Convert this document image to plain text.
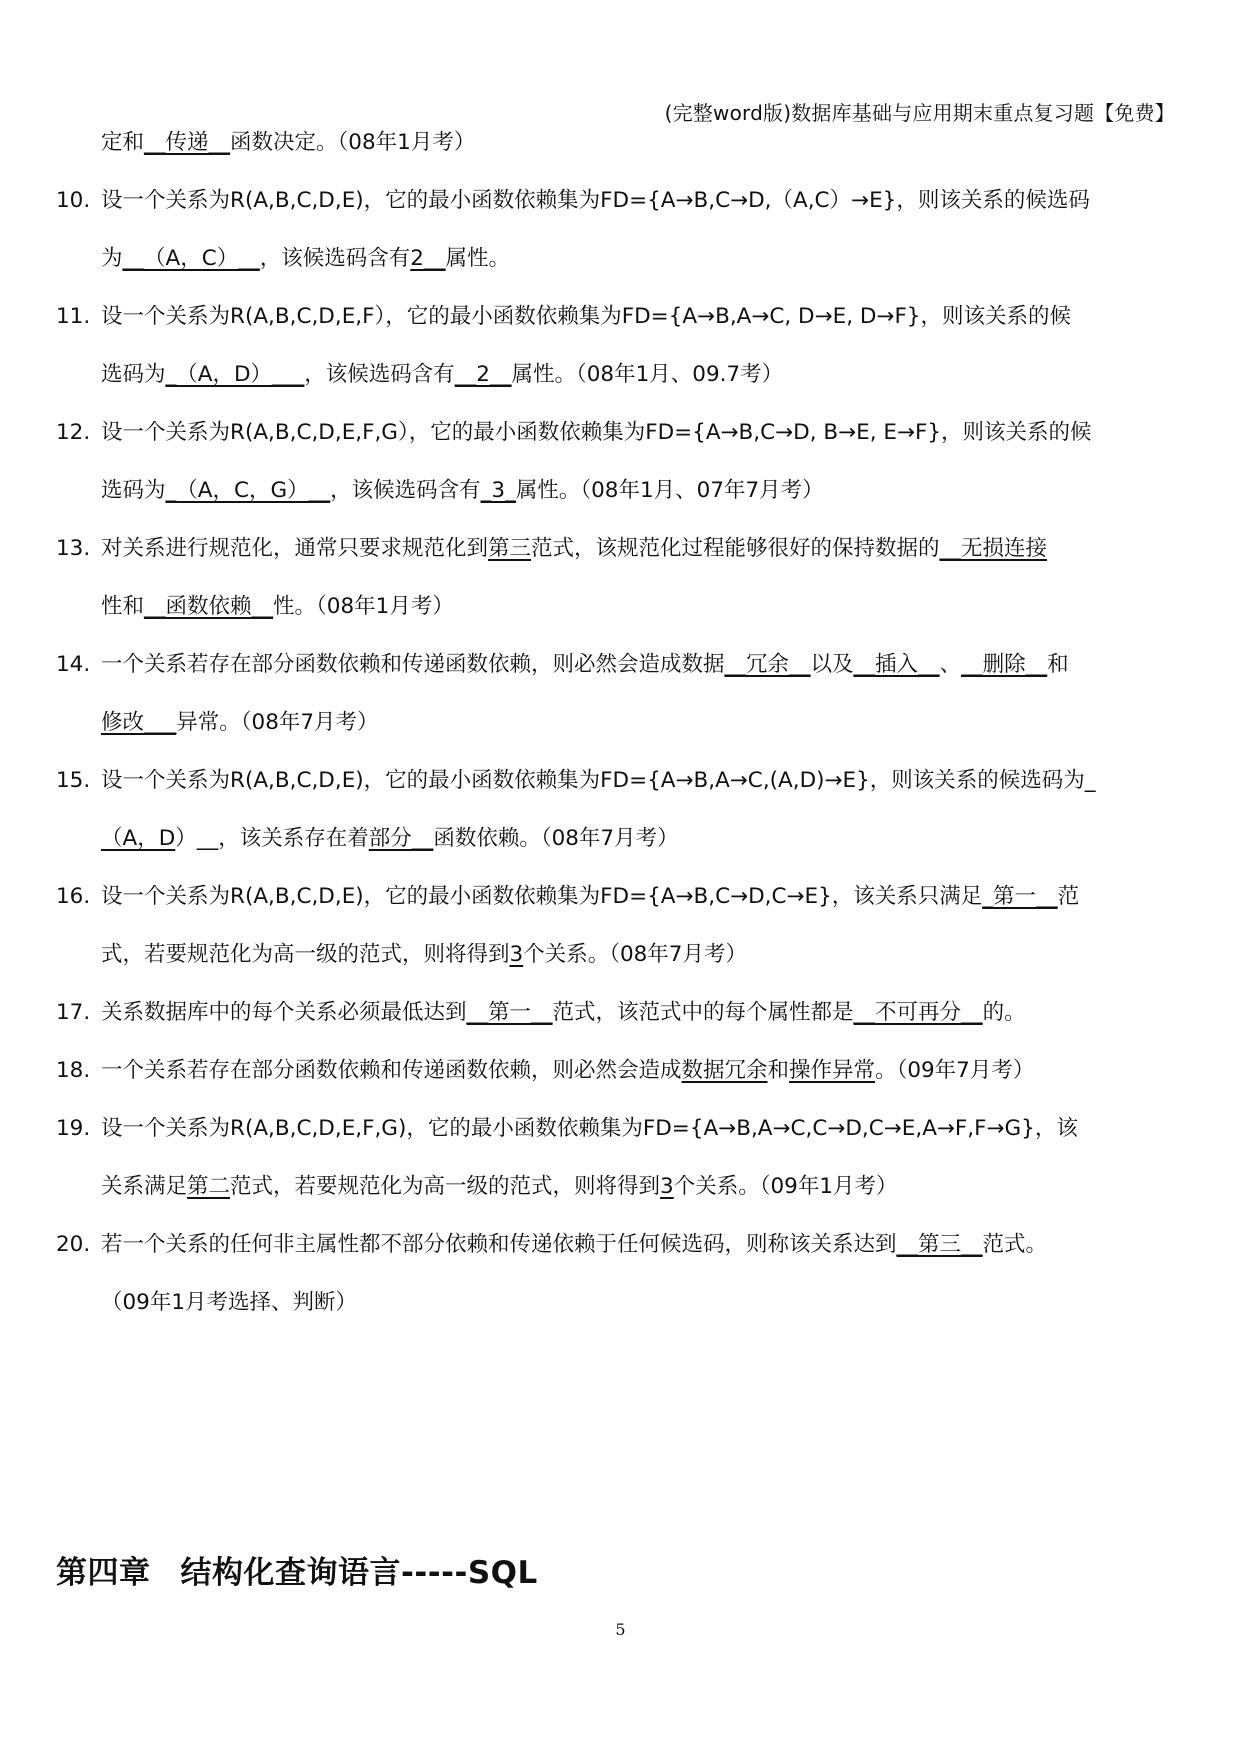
(完整word版)数据库基础与应用期末重点复习题【免费】
定和__传递__函数决定。（08年1月考）
10. 设一个关系为R(A,B,C,D,E)，它的最小函数依赖集为FD={A→B,C→D,（A,C）→E}，则该关系的候选码
为__（A，C）__，该候选码含有2__属性。
11. 设一个关系为R(A,B,C,D,E,F），它的最小函数依赖集为FD={A→B,A→C, D→E, D→F}，则该关系的候
选码为_（A，D）___，该候选码含有__2__属性。（08年1月、09.7考）
12. 设一个关系为R(A,B,C,D,E,F,G），它的最小函数依赖集为FD={A→B,C→D, B→E, E→F}，则该关系的候
选码为_（A，C，G）__，该候选码含有_3_属性。（08年1月、07年7月考）
13. 对关系进行规范化，通常只要求规范化到第三范式，该规范化过程能够很好的保持数据的__无损连接
性和__函数依赖__性。（08年1月考）
14. 一个关系若存在部分函数依赖和传递函数依赖，则必然会造成数据__冗余__以及__插入__、__删除__和
修改___异常。（08年7月考）
15. 设一个关系为R(A,B,C,D,E)，它的最小函数依赖集为FD={A→B,A→C,(A,D)→E}，则该关系的候选码为_
（A，D）__，该关系存在着部分__函数依赖。（08年7月考）
16. 设一个关系为R(A,B,C,D,E)，它的最小函数依赖集为FD={A→B,C→D,C→E}，该关系只满足_第一__范
式，若要规范化为高一级的范式，则将得到3个关系。（08年7月考）
17. 关系数据库中的每个关系必须最低达到__第一__范式，该范式中的每个属性都是__不可再分__的。
18. 一个关系若存在部分函数依赖和传递函数依赖，则必然会造成数据冗余和操作异常。（09年7月考）
19. 设一个关系为R(A,B,C,D,E,F,G)，它的最小函数依赖集为FD={A→B,A→C,C→D,C→E,A→F,F→G}，该
关系满足第二范式，若要规范化为高一级的范式，则将得到3个关系。（09年1月考）
20. 若一个关系的任何非主属性都不部分依赖和传递依赖于任何候选码，则称该关系达到__第三__范式。
（09年1月考选择、判断）
第四章 结构化查询语言-----SQL
5
